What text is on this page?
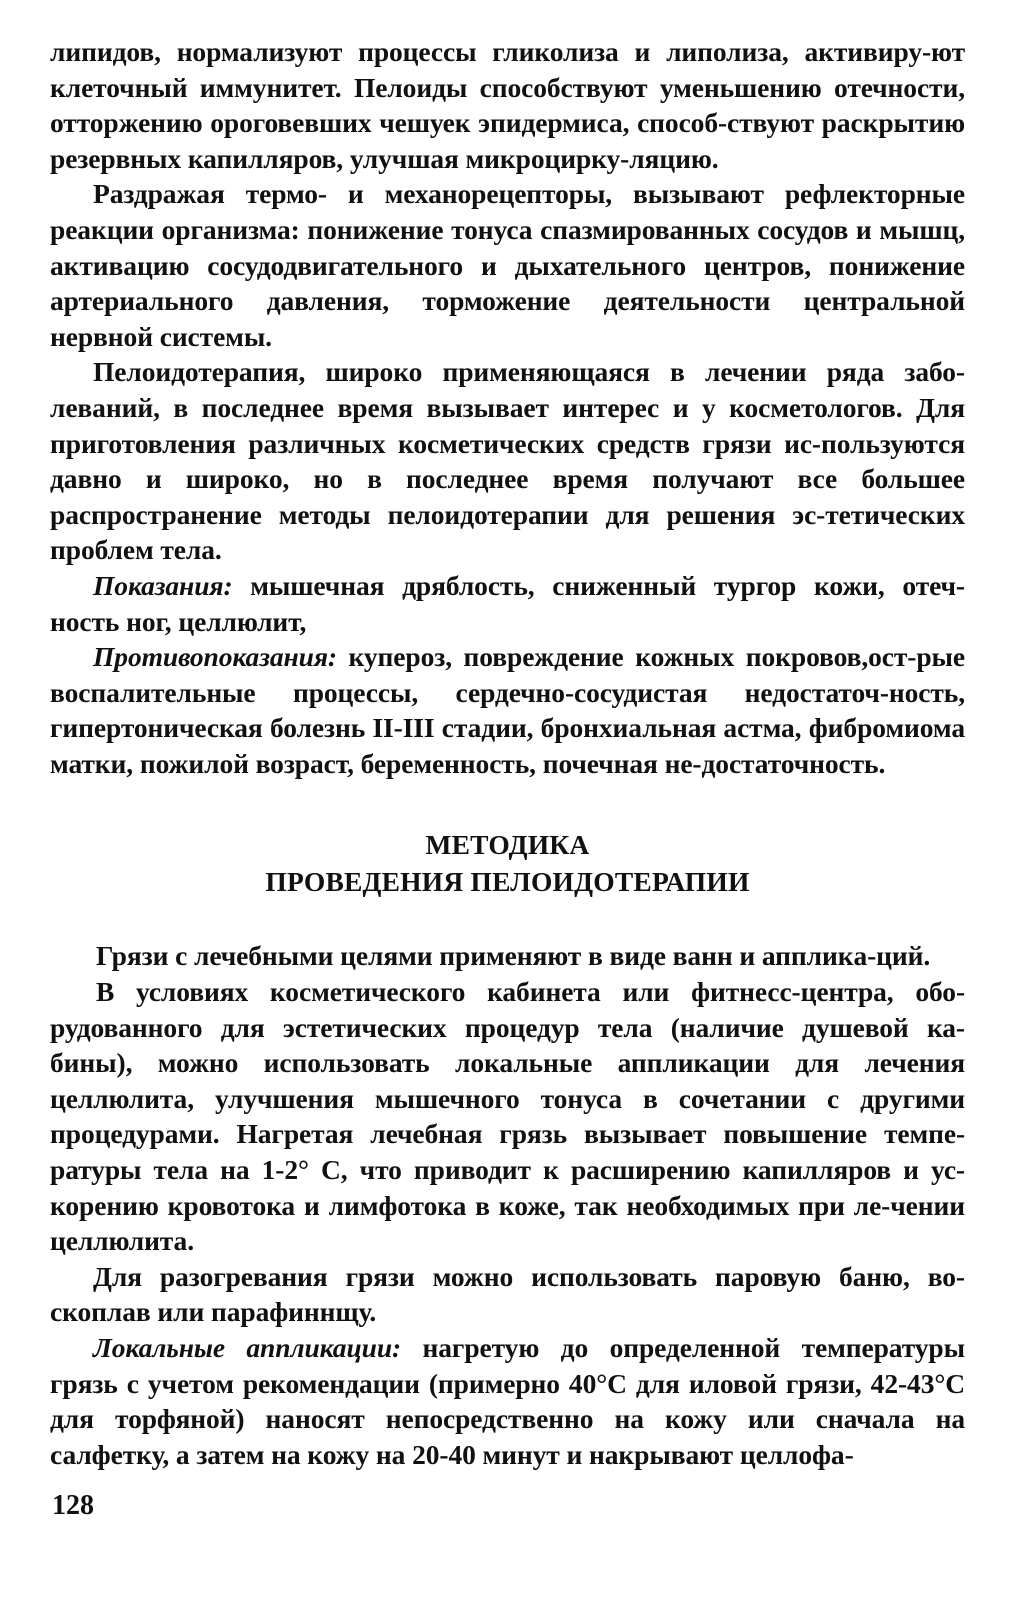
липидов, нормализуют процессы гликолиза и липолиза, активиру-ют клеточный иммунитет. Пелоиды способствуют уменьшению отечности, отторжению ороговевших чешуек эпидермиса, способ-ствуют раскрытию резервных капилляров, улучшая микроцирку-ляцию.

Раздражая термо- и механорецепторы, вызывают рефлекторные реакции организма: понижение тонуса спазмированных сосудов и мышц, активацию сосудодвигательного и дыхательного центров, понижение артериального давления, торможение деятельности центральной нервной системы.

Пелоидотерапия, широко применяющаяся в лечении ряда забо-леваний, в последнее время вызывает интерес и у косметологов. Для приготовления различных косметических средств грязи ис-пользуются давно и широко, но в последнее время получают все большее распространение методы пелоидотерапии для решения эс-тетических проблем тела.

Показания: мышечная дряблость, сниженный тургор кожи, отеч-ность ног, целлюлит,

Противопоказания: купероз, повреждение кожных покровов,ост-рые воспалительные процессы, сердечно-сосудистая недостаточ-ность, гипертоническая болезнь II-III стадии, бронхиальная астма, фибромиома матки, пожилой возраст, беременность, почечная не-достаточность.

МЕТОДИКА
ПРОВЕДЕНИЯ ПЕЛОИДОТЕРАПИИ

Грязи с лечебными целями применяют в виде ванн и аппликa-ций.

В условиях косметического кабинета или фитнесс-центра, обо-рудованного для эстетических процедур тела (наличие душевой ка-бины), можно использовать локальные аппликации для лечения целлюлита, улучшения мышечного тонуса в сочетании с другими процедурами. Нагретая лечебная грязь вызывает повышение темпе-ратуры тела на 1-2° С, что приводит к расширению капилляров и ус-корению кровотока и лимфотока в коже, так необходимых при ле-чении целлюлита.

Для разогревания грязи можно использовать паровую баню, во-скоплав или парафиннщу.

Локальные аппликации: нагретую до определенной температуры грязь с учетом рекомендации (примерно 40°С для иловой грязи, 42-43°С для торфяной) наносят непосредственно на кожу или сначала на салфетку, а затем на кожу на 20-40 минут и накрывают целлофа-

128
